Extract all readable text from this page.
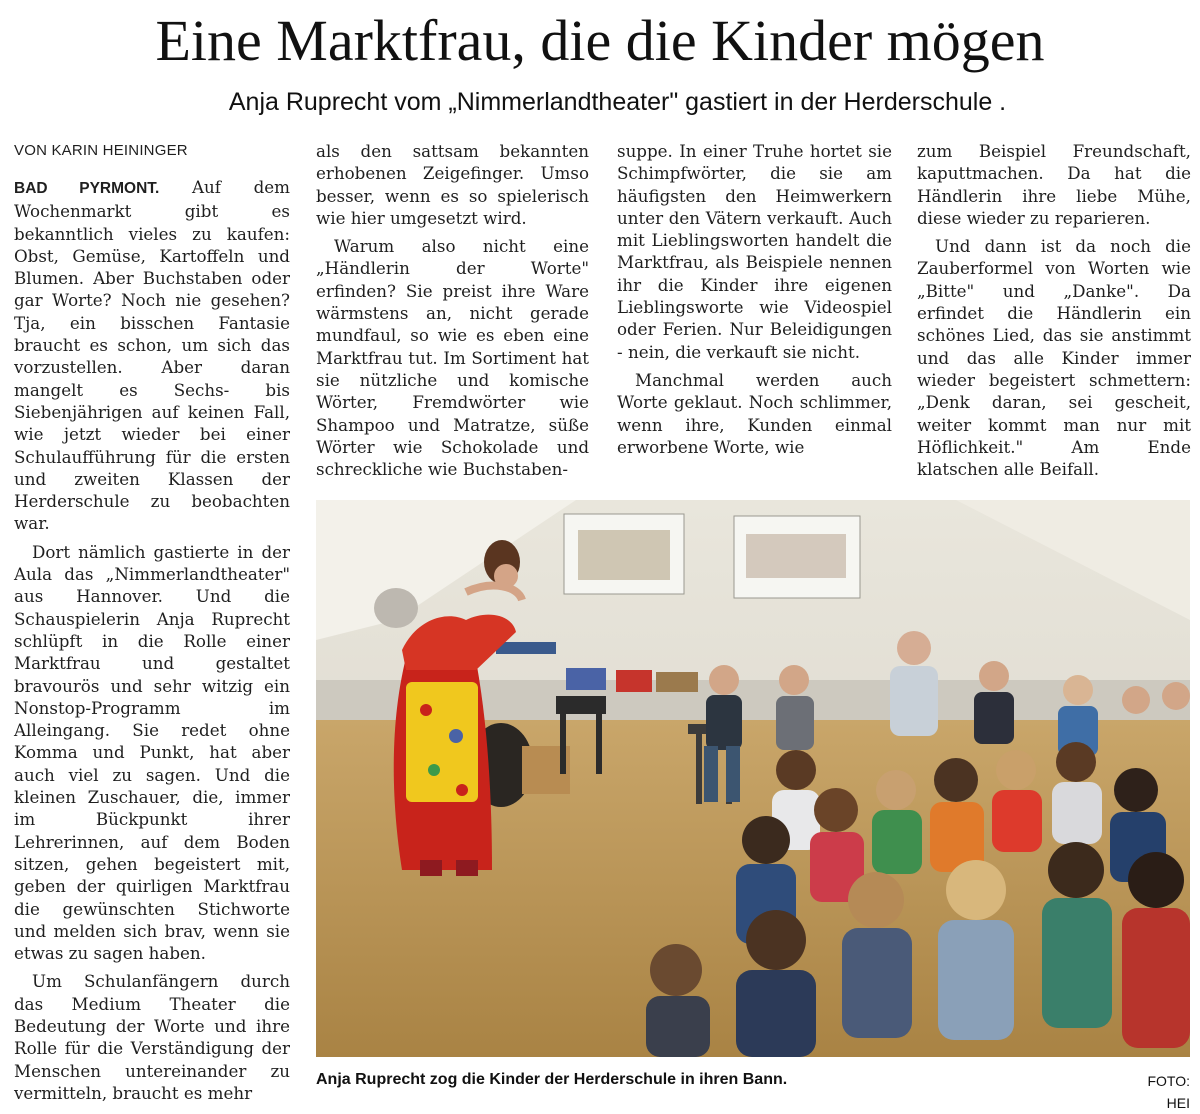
Eine Marktfrau, die die Kinder mögen
Anja Ruprecht vom „Nimmerlandtheater" gastiert in der Herderschule .
VON KARIN HEININGER

BAD PYRMONT. Auf dem Wochenmarkt gibt es bekanntlich vieles zu kaufen: Obst, Gemüse, Kartoffeln und Blumen. Aber Buchstaben oder gar Worte? Noch nie gesehen? Tja, ein bisschen Fantasie braucht es schon, um sich das vorzustellen. Aber daran mangelt es Sechs- bis Siebenjährigen auf keinen Fall, wie jetzt wieder bei einer Schulaufführung für die ersten und zweiten Klassen der Herderschule zu beobachten war.

Dort nämlich gastierte in der Aula das „Nimmerlandtheater" aus Hannover. Und die Schauspielerin Anja Ruprecht schlüpft in die Rolle einer Marktfrau und gestaltet bravourös und sehr witzig ein Nonstop-Programm im Alleingang. Sie redet ohne Komma und Punkt, hat aber auch viel zu sagen. Und die kleinen Zuschauer, die, immer im Bückpunkt ihrer Lehrerinnen, auf dem Boden sitzen, gehen begeistert mit, geben der quirligen Marktfrau die gewünschten Stichworte und melden sich brav, wenn sie etwas zu sagen haben.

Um Schulanfängern durch das Medium Theater die Bedeutung der Worte und ihre Rolle für die Verständigung der Menschen untereinander zu vermitteln, braucht es mehr

als den sattsam bekannten erhobenen Zeigefinger. Umso besser, wenn es so spielerisch wie hier umgesetzt wird.

Warum also nicht eine „Händlerin der Worte" erfinden? Sie preist ihre Ware wärmstens an, nicht gerade mundfaul, so wie es eben eine Marktfrau tut. Im Sortiment hat sie nützliche und komische Wörter, Fremdwörter wie Shampoo und Matratze, süße Wörter wie Schokolade und schreckliche wie Buchstaben-

suppe. In einer Truhe hortet sie Schimpfwörter, die sie am häufigsten den Heimwerkern unter den Vätern verkauft. Auch mit Lieblingsworten handelt die Marktfrau, als Beispiele nennen ihr die Kinder ihre eigenen Lieblingsworte wie Videospiel oder Ferien. Nur Beleidigungen - nein, die verkauft sie nicht.

Manchmal werden auch Worte geklaut. Noch schlimmer, wenn ihre, Kunden einmal erworbene Worte, wie

zum Beispiel Freundschaft, kaputtmachen. Da hat die Händlerin ihre liebe Mühe, diese wieder zu reparieren.

Und dann ist da noch die Zauberformel von Worten wie „Bitte" und „Danke". Da erfindet die Händlerin ein schönes Lied, das sie anstimmt und das alle Kinder immer wieder begeistert schmettern: „Denk daran, sei gescheit, weiter kommt man nur mit Höflichkeit." Am Ende klatschen alle Beifall.

Anja Ruprecht zog die Kinder der Herderschule in ihren Bann.	FOTO: HEI
